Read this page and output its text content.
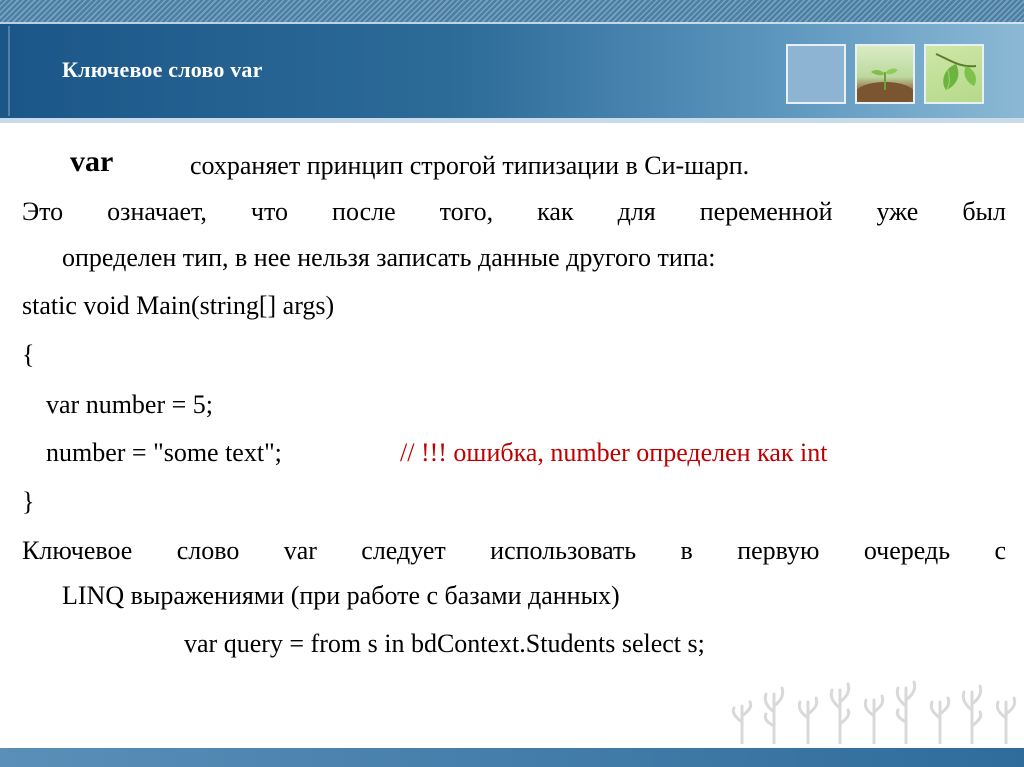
Ключевое слово var
var	сохраняет принцип строгой типизации в Си-шарп.
Это означает, что после того, как для переменной уже был
определен тип, в нее нельзя записать данные другого типа:
static void Main(string[] args)
{
var number = 5;
number = "some text";	// !!! ошибка, number определен как int
}
Ключевое слово var следует использовать в первую очередь с
LINQ выражениями (при работе с базами данных)
var query = from s in bdContext.Students select s;
